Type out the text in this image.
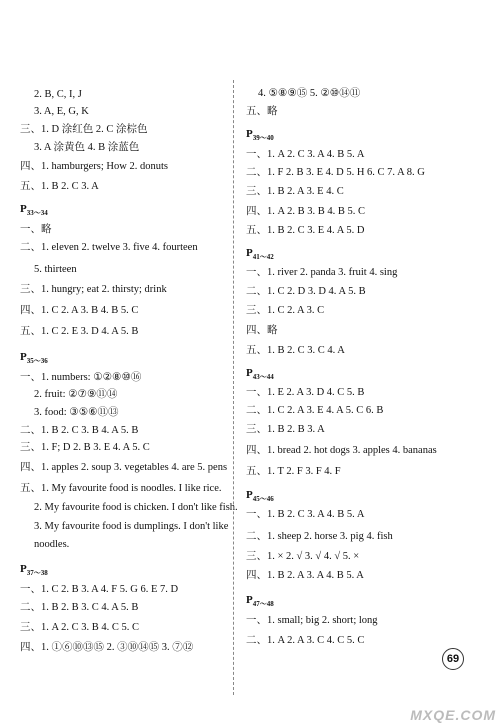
2. B, C, I, J
3. A, E, G, K
三、1. D 涂红色 2. C 涂棕色
3. A 涂黄色 4. B 涂蓝色
四、1. hamburgers; How 2. donuts
五、1. B 2. C 3. A
$P_{33\sim 34}$
一、略
二、1. eleven 2. twelve 3. five 4. fourteen
5. thirteen
三、1. hungry; eat 2. thirsty; drink
四、1. C 2. A 3. B 4. B 5. C
五、1. C 2. E 3. D 4. A 5. B
$P_{35\sim 36}$
一、1. numbers: ①②⑧⑩⑯
2. fruit: ②⑦⑨⑪⑭
3. food: ③⑤⑥⑪⑬
二、1. B 2. C 3. B 4. A 5. B
三、1. F; D 2. B 3. E 4. A 5. C
四、1. apples 2. soup 3. vegetables 4. are 5. pens
五、1. My favourite food is noodles. I like rice.
2. My favourite food is chicken. I don't like fish.
3. My favourite food is dumplings. I don't like
noodles.
$P_{37\sim 38}$
一、1. C 2. B 3. A 4. F 5. G 6. E 7. D
二、1. B 2. B 3. C 4. A 5. B
三、1. A 2. C 3. B 4. C 5. C
四、1. ①⑥⑩⑬⑮ 2. ③⑩⑭⑮ 3. ⑦⑫
4. ⑤⑧⑨⑮ 5. ②⑩⑭⑪
五、略
$P_{39\sim 40}$
一、1. A 2. C 3. A 4. B 5. A
二、1. F 2. B 3. E 4. D 5. H 6. C 7. A 8. G
三、1. B 2. A 3. E 4. C
四、1. A 2. B 3. B 4. B 5. C
五、1. B 2. C 3. E 4. A 5. D
$P_{41\sim 42}$
一、1. river 2. panda 3. fruit 4. sing
二、1. C 2. D 3. D 4. A 5. B
三、1. C 2. A 3. C
四、略
五、1. B 2. C 3. C 4. A
$P_{43\sim 44}$
一、1. E 2. A 3. D 4. C 5. B
二、1. C 2. A 3. E 4. A 5. C 6. B
三、1. B 2. B 3. A
四、1. bread 2. hot dogs 3. apples 4. bananas
五、1. T 2. F 3. F 4. F
$P_{45\sim 46}$
一、1. B 2. C 3. A 4. B 5. A
二、1. sheep 2. horse 3. pig 4. fish
三、1. × 2. √ 3. √ 4. √ 5. ×
四、1. B 2. A 3. A 4. B 5. A
$P_{47\sim 48}$
一、1. small; big 2. short; long
二、1. A 2. A 3. C 4. C 5. C
69
MXQE.COM
